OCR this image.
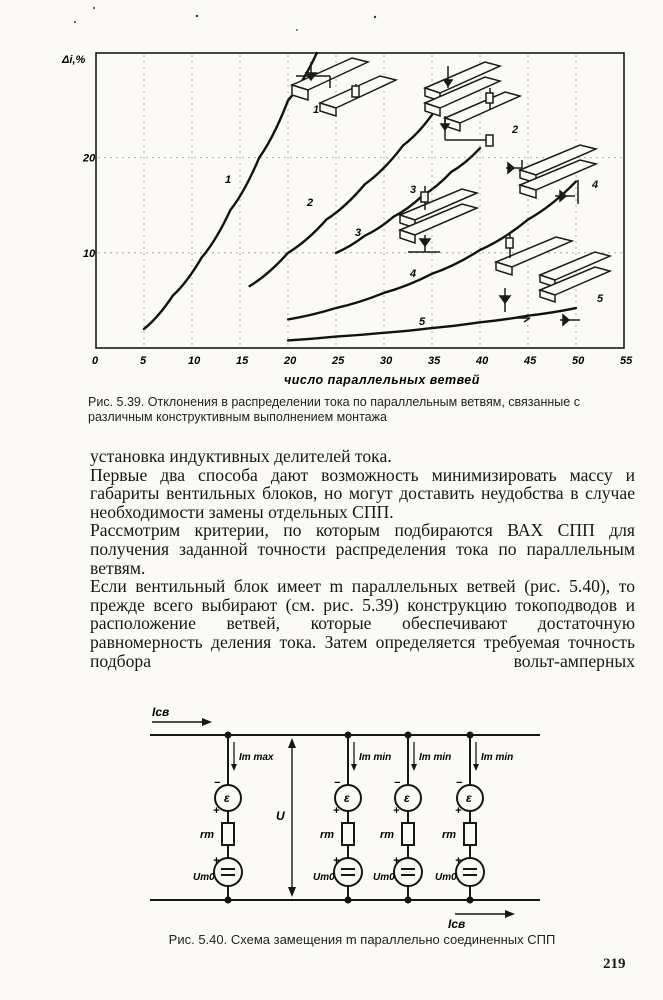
0	5	10	15	20	25	30	35	40	45	50	55
10
20
Δi,%
число параллельных ветвей
1
2
3
4
5
1
2
3	4
5
Рис. 5.39. Отклонения в распределении тока по параллельным ветвям, связанные с различным конструктивным выполнением монтажа

установка индуктивных делителей тока.

Первые два способа дают возможность минимизировать массу и габариты вентильных блоков, но могут доставить неудобства в случае необходимости замены отдельных СПП.

Рассмотрим критерии, по которым подбираются ВАХ СПП для получения заданной точности распределения тока по параллельным ветвям.

Если вентильный блок имеет m параллельных ветвей (рис. 5.40), то прежде всего выбирают (см. рис. 5.39) конструкцию токоподводов и расположение ветвей, которые обеспечивают достаточную равномерность деления тока. Затем определяется требуемая точность подбора вольт-амперных

Iт max
−
+
ε
rт
+
Uт0
Iт min
−
+
ε
rт
+
Uт0
Iт min
−
+
ε
rт
+
Uт0
Iт min
−
+
ε
rт
+
Uт0
Iсв
Iсв
U
Рис. 5.40. Схема замещения m параллельно соединенных СПП
219
